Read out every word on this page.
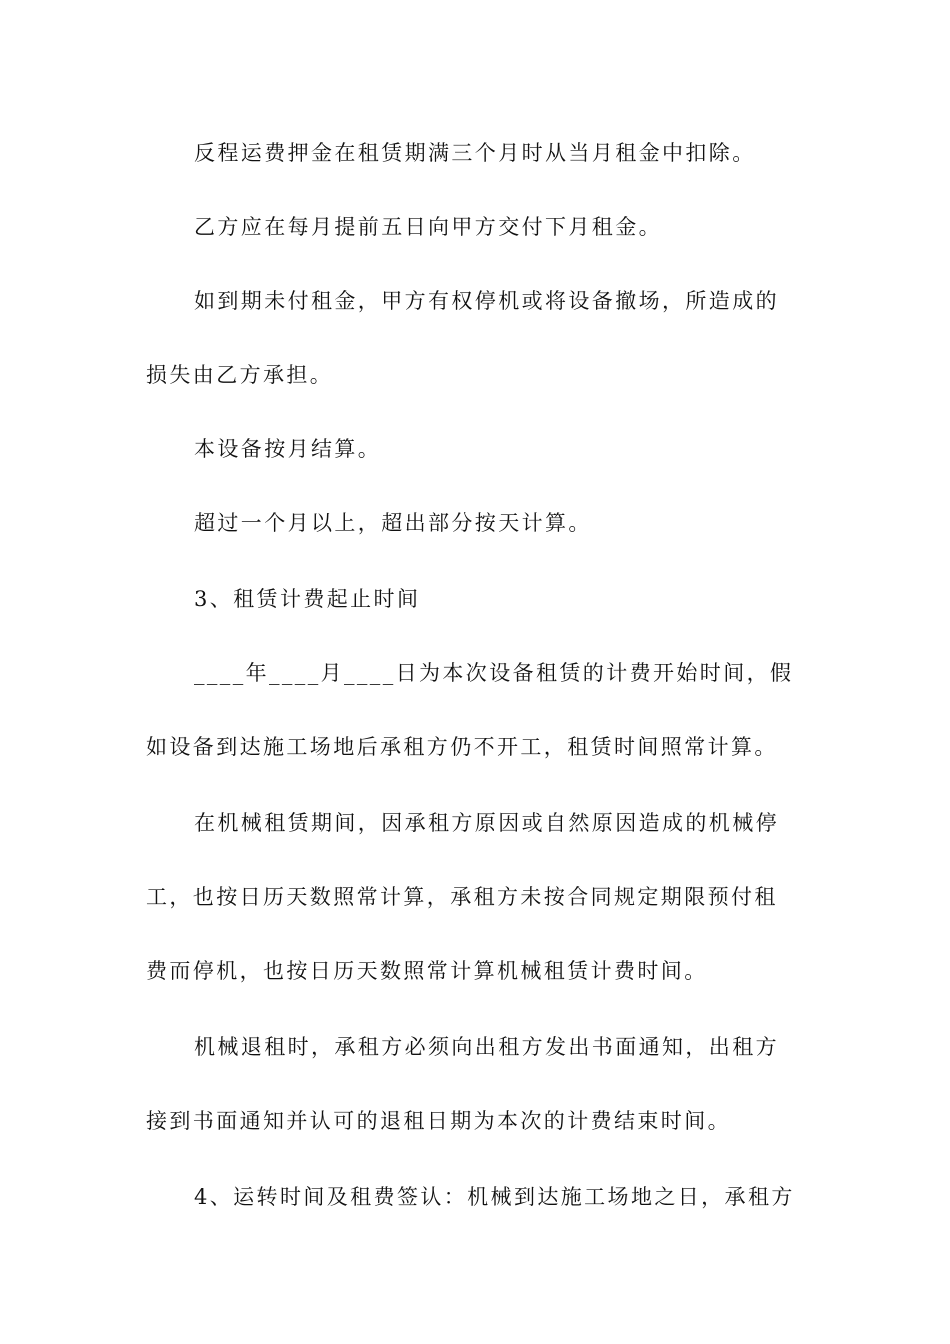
反程运费押金在租赁期满三个月时从当月租金中扣除。
乙方应在每月提前五日向甲方交付下月租金。
如到期未付租金，甲方有权停机或将设备撤场，所造成的
损失由乙方承担。
本设备按月结算。
超过一个月以上，超出部分按天计算。
3、租赁计费起止时间
____年____月____日为本次设备租赁的计费开始时间，假
如设备到达施工场地后承租方仍不开工，租赁时间照常计算。
在机械租赁期间，因承租方原因或自然原因造成的机械停
工，也按日历天数照常计算，承租方未按合同规定期限预付租
费而停机，也按日历天数照常计算机械租赁计费时间。
机械退租时，承租方必须向出租方发出书面通知，出租方
接到书面通知并认可的退租日期为本次的计费结束时间。
4、运转时间及租费签认：机械到达施工场地之日，承租方
